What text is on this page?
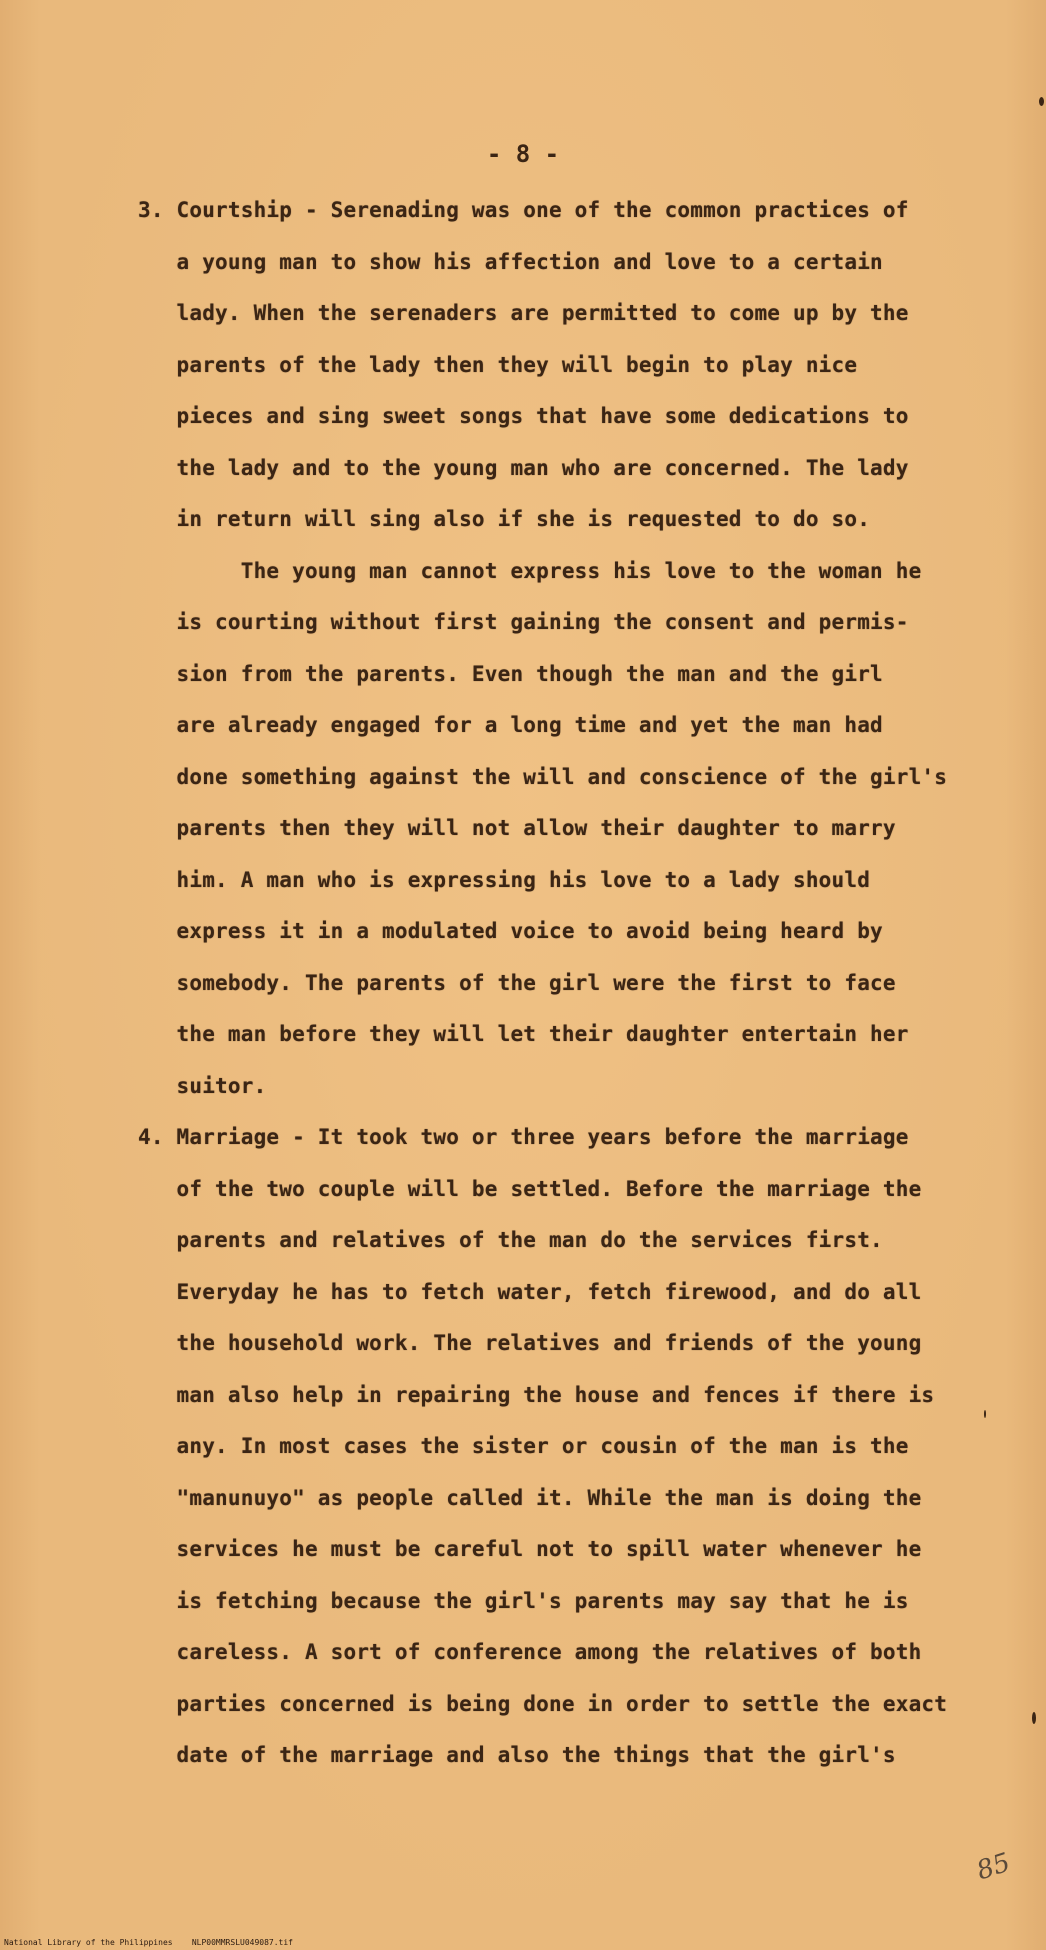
- 8 -
3. Courtship - Serenading was one of the common practices of
a young man to show his affection and love to a certain
lady. When the serenaders are permitted to come up by the
parents of the lady then they will begin to play nice
pieces and sing sweet songs that have some dedications to
the lady and to the young man who are concerned. The lady
in return will sing also if she is requested to do so.
The young man cannot express his love to the woman he
is courting without first gaining the consent and permis-
sion from the parents. Even though the man and the girl
are already engaged for a long time and yet the man had
done something against the will and conscience of the girl's
parents then they will not allow their daughter to marry
him. A man who is expressing his love to a lady should
express it in a modulated voice to avoid being heard by
somebody. The parents of the girl were the first to face
the man before they will let their daughter entertain her
suitor.
4. Marriage - It took two or three years before the marriage
of the two couple will be settled. Before the marriage the
parents and relatives of the man do the services first.
Everyday he has to fetch water, fetch firewood, and do all
the household work. The relatives and friends of the young
man also help in repairing the house and fences if there is
any. In most cases the sister or cousin of the man is the
"manunuyo" as people called it. While the man is doing the
services he must be careful not to spill water whenever he
is fetching because the girl's parents may say that he is
careless. A sort of conference among the relatives of both
parties concerned is being done in order to settle the exact
date of the marriage and also the things that the girl's
85
National Library of the Philippines    NLP00MMRSLU049087.tif
